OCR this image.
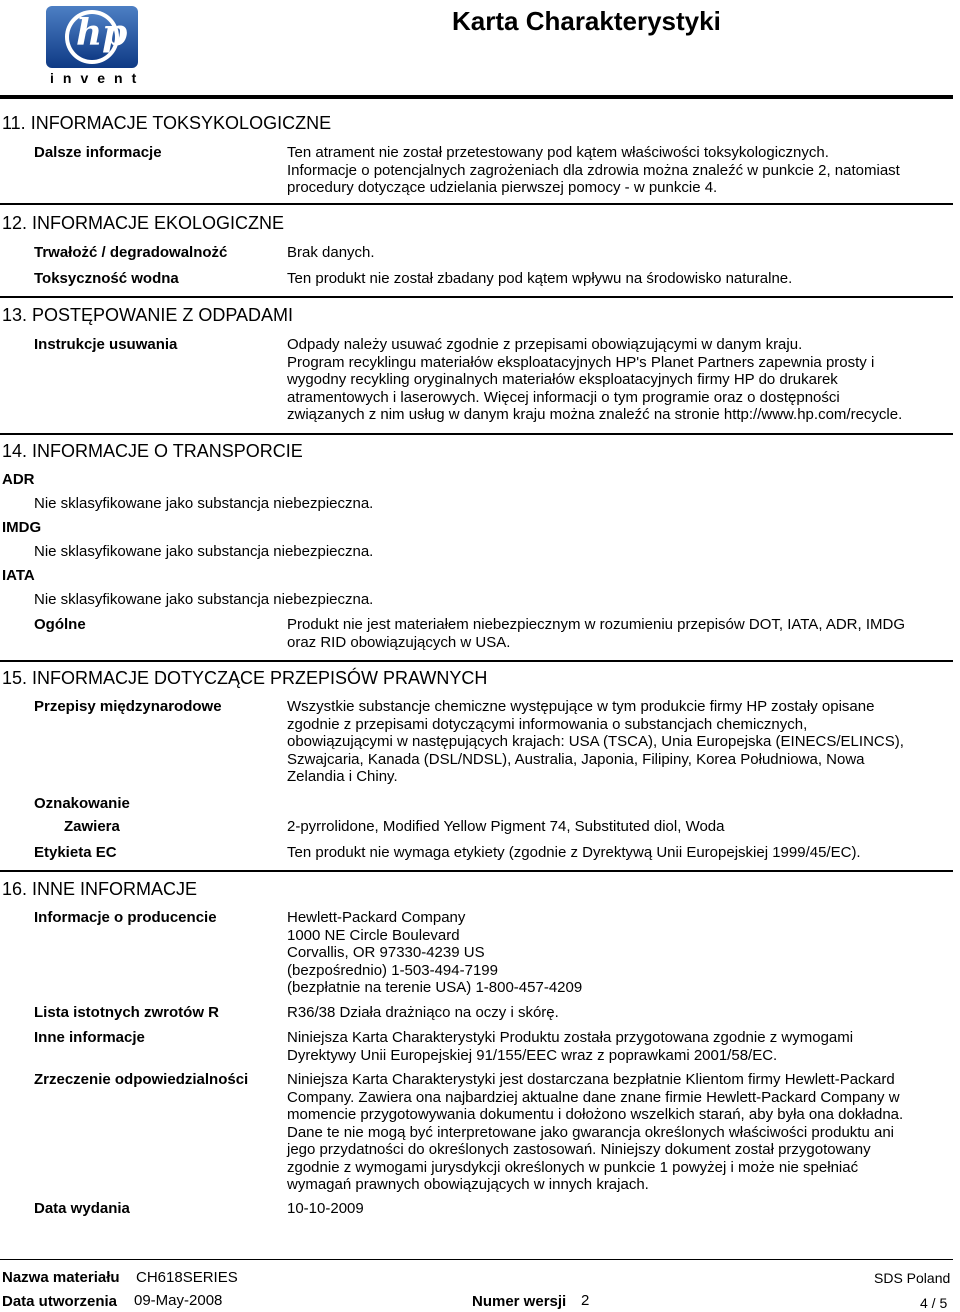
hp
invent
Karta Charakterystyki
11. INFORMACJE TOKSYKOLOGICZNE
Dalsze informacje	Ten atrament nie został przetestowany pod kątem właściwości toksykologicznych.
Informacje o potencjalnych zagrożeniach dla zdrowia można znaleźć w punkcie 2, natomiast
procedury dotyczące udzielania pierwszej pomocy - w punkcie 4.
12. INFORMACJE EKOLOGICZNE
Trwałożć / degradowalnożć	Brak danych.
Toksyczność wodna	Ten produkt nie został zbadany pod kątem wpływu na środowisko naturalne.
13. POSTĘPOWANIE Z ODPADAMI
Instrukcje usuwania	Odpady należy usuwać zgodnie z przepisami obowiązującymi w danym kraju.
Program recyklingu materiałów eksploatacyjnych HP's Planet Partners zapewnia prosty i
wygodny recykling oryginalnych materiałów eksploatacyjnych firmy HP do drukarek
atramentowych i laserowych. Więcej informacji o tym programie oraz o dostępności
związanych z nim usług w danym kraju można znaleźć na stronie http://www.hp.com/recycle.
14. INFORMACJE O TRANSPORCIE
ADR
Nie sklasyfikowane jako substancja niebezpieczna.
IMDG
Nie sklasyfikowane jako substancja niebezpieczna.
IATA
Nie sklasyfikowane jako substancja niebezpieczna.
Ogólne	Produkt nie jest materiałem niebezpiecznym w rozumieniu przepisów DOT, IATA, ADR, IMDG
oraz RID obowiązujących w USA.
15. INFORMACJE DOTYCZĄCE PRZEPISÓW PRAWNYCH
Przepisy międzynarodowe	Wszystkie substancje chemiczne występujące w tym produkcie firmy HP zostały opisane
zgodnie z przepisami dotyczącymi informowania o substancjach chemicznych,
obowiązującymi w następujących krajach: USA (TSCA), Unia Europejska (EINECS/ELINCS),
Szwajcaria, Kanada (DSL/NDSL), Australia, Japonia, Filipiny, Korea Południowa, Nowa
Zelandia i Chiny.
Oznakowanie
Zawiera	2-pyrrolidone, Modified Yellow Pigment 74, Substituted diol, Woda
Etykieta EC	Ten produkt nie wymaga etykiety (zgodnie z Dyrektywą Unii Europejskiej 1999/45/EC).
16. INNE INFORMACJE
Informacje o producencie	Hewlett-Packard Company
1000 NE Circle Boulevard
Corvallis, OR 97330-4239 US
(bezpośrednio) 1-503-494-7199
(bezpłatnie na terenie USA) 1-800-457-4209
Lista istotnych zwrotów R	R36/38 Działa drażniąco na oczy i skórę.
Inne informacje	Niniejsza Karta Charakterystyki Produktu została przygotowana zgodnie z wymogami
Dyrektywy Unii Europejskiej 91/155/EEC wraz z poprawkami 2001/58/EC.
Zrzeczenie odpowiedzialności	Niniejsza Karta Charakterystyki jest dostarczana bezpłatnie Klientom firmy Hewlett-Packard
Company. Zawiera ona najbardziej aktualne dane znane firmie Hewlett-Packard Company w
momencie przygotowywania dokumentu i dołożono wszelkich starań, aby była ona dokładna.
Dane te nie mogą być interpretowane jako gwarancja określonych właściwości produktu ani
jego przydatności do określonych zastosowań. Niniejszy dokument został przygotowany
zgodnie z wymogami jurysdykcji określonych w punkcie 1 powyżej i może nie spełniać
wymagań prawnych obowiązujących w innych krajach.
Data wydania	10-10-2009
Nazwa materiału CH618SERIES
Data utworzenia 09-May-2008	Numer wersji 2
SDS Poland
4 / 5
